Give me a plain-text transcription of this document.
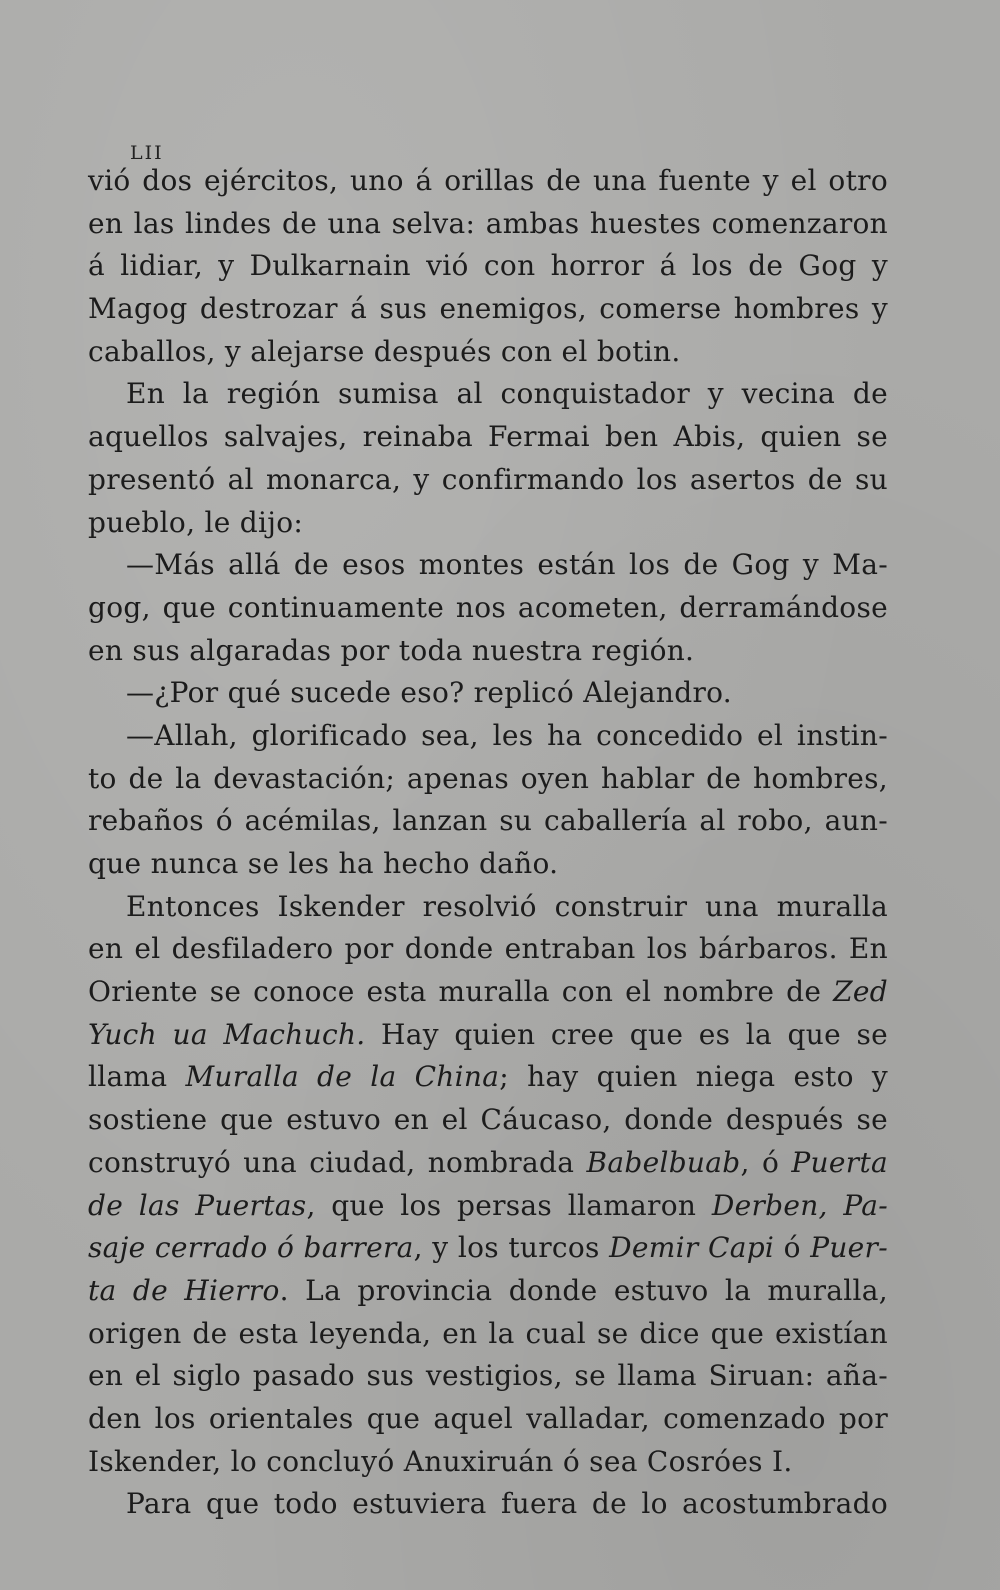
LII
vió dos ejércitos, uno á orillas de una fuente y el otro
en las lindes de una selva: ambas huestes comenzaron
á lidiar, y Dulkarnain vió con horror á los de Gog y
Magog destrozar á sus enemigos, comerse hombres y
caballos, y alejarse después con el botin.
En la región sumisa al conquistador y vecina de
aquellos salvajes, reinaba Fermai ben Abis, quien se
presentó al monarca, y confirmando los asertos de su
pueblo, le dijo:
—Más allá de esos montes están los de Gog y Ma-
gog, que continuamente nos acometen, derramándose
en sus algaradas por toda nuestra región.
—¿Por qué sucede eso? replicó Alejandro.
—Allah, glorificado sea, les ha concedido el instin-
to de la devastación; apenas oyen hablar de hombres,
rebaños ó acémilas, lanzan su caballería al robo, aun-
que nunca se les ha hecho daño.
Entonces Iskender resolvió construir una muralla
en el desfiladero por donde entraban los bárbaros. En
Oriente se conoce esta muralla con el nombre de Zed
Yuch ua Machuch. Hay quien cree que es la que se
llama Muralla de la China; hay quien niega esto y
sostiene que estuvo en el Cáucaso, donde después se
construyó una ciudad, nombrada Babelbuab, ó Puerta
de las Puertas, que los persas llamaron Derben, Pa-
saje cerrado ó barrera, y los turcos Demir Capi ó Puer-
ta de Hierro. La provincia donde estuvo la muralla,
origen de esta leyenda, en la cual se dice que existían
en el siglo pasado sus vestigios, se llama Siruan: aña-
den los orientales que aquel valladar, comenzado por
Iskender, lo concluyó Anuxiruán ó sea Cosróes I.
Para que todo estuviera fuera de lo acostumbrado
